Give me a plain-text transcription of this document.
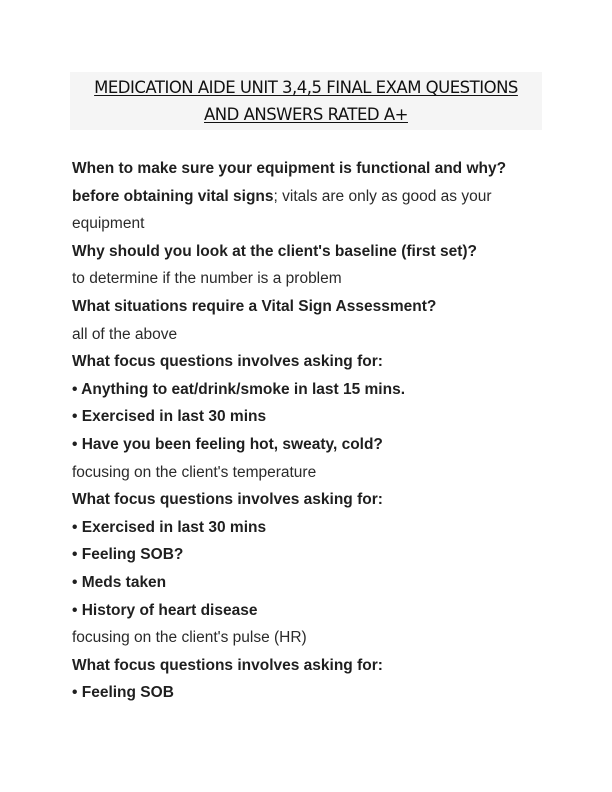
MEDICATION AIDE UNIT 3,4,5 FINAL EXAM QUESTIONS
AND ANSWERS RATED A+
When to make sure your equipment is functional and why?
before obtaining vital signs; vitals are only as good as your
equipment
Why should you look at the client's baseline (first set)?
to determine if the number is a problem
What situations require a Vital Sign Assessment?
all of the above
What focus questions involves asking for:
• Anything to eat/drink/smoke in last 15 mins.
• Exercised in last 30 mins
• Have you been feeling hot, sweaty, cold?
focusing on the client's temperature
What focus questions involves asking for:
• Exercised in last 30 mins
• Feeling SOB?
• Meds taken
• History of heart disease
focusing on the client's pulse (HR)
What focus questions involves asking for:
• Feeling SOB
